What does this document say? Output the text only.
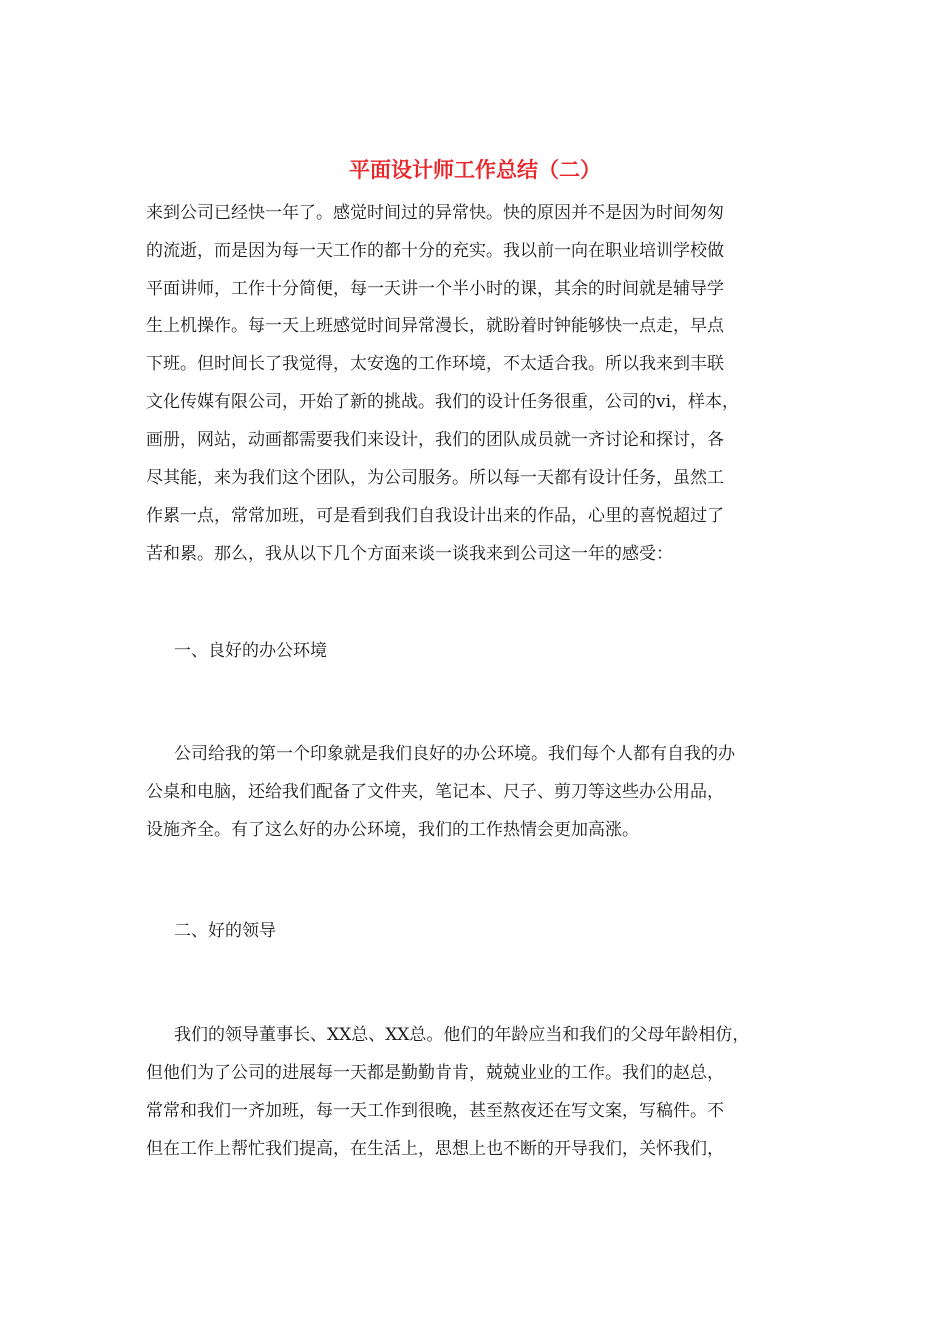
平面设计师工作总结（二）
来到公司已经快一年了。感觉时间过的异常快。快的原因并不是因为时间匆匆
的流逝，而是因为每一天工作的都十分的充实。我以前一向在职业培训学校做
平面讲师，工作十分简便，每一天讲一个半小时的课，其余的时间就是辅导学
生上机操作。每一天上班感觉时间异常漫长，就盼着时钟能够快一点走，早点
下班。但时间长了我觉得，太安逸的工作环境，不太适合我。所以我来到丰联
文化传媒有限公司，开始了新的挑战。我们的设计任务很重，公司的vi，样本，
画册，网站，动画都需要我们来设计，我们的团队成员就一齐讨论和探讨，各
尽其能，来为我们这个团队，为公司服务。所以每一天都有设计任务，虽然工
作累一点，常常加班，可是看到我们自我设计出来的作品，心里的喜悦超过了
苦和累。那么，我从以下几个方面来谈一谈我来到公司这一年的感受：
一、良好的办公环境
公司给我的第一个印象就是我们良好的办公环境。我们每个人都有自我的办
公桌和电脑，还给我们配备了文件夹，笔记本、尺子、剪刀等这些办公用品，
设施齐全。有了这么好的办公环境，我们的工作热情会更加高涨。
二、好的领导
我们的领导董事长、XX总、XX总。他们的年龄应当和我们的父母年龄相仿，
但他们为了公司的进展每一天都是勤勤肯肯，兢兢业业的工作。我们的赵总，
常常和我们一齐加班，每一天工作到很晚，甚至熬夜还在写文案，写稿件。不
但在工作上帮忙我们提高，在生活上，思想上也不断的开导我们，关怀我们，
